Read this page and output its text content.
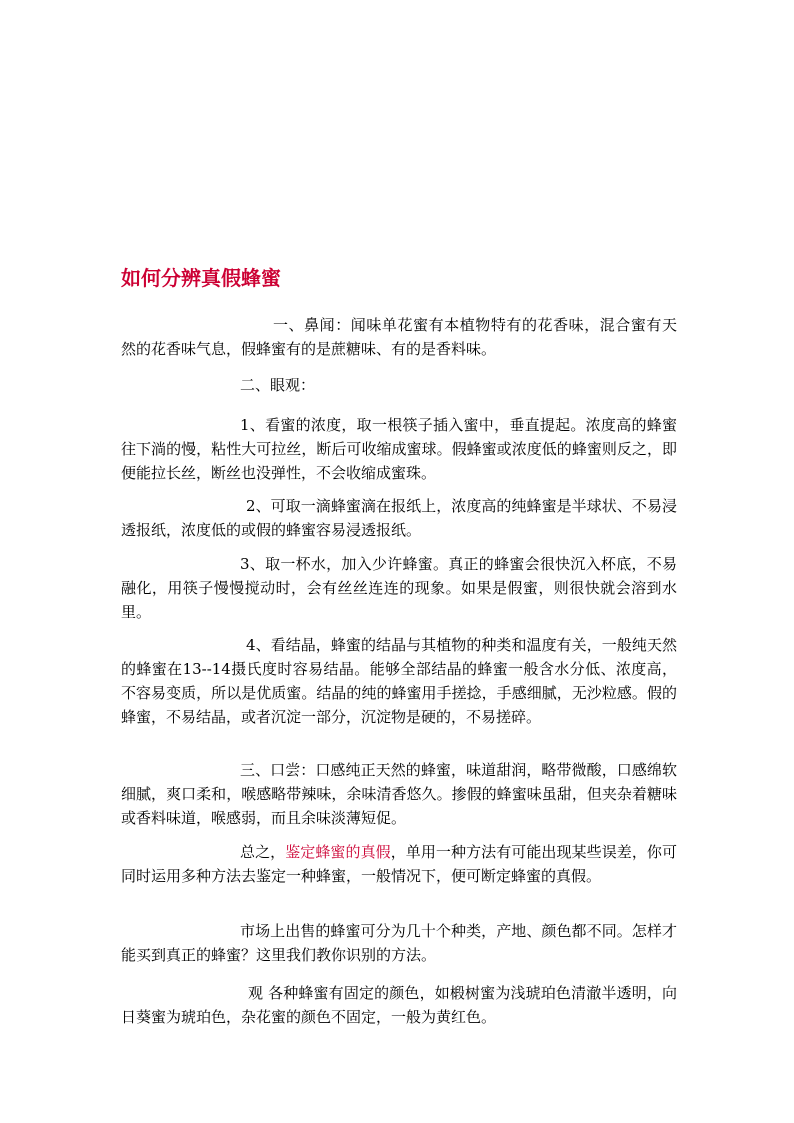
如何分辨真假蜂蜜

一、鼻闻：闻味单花蜜有本植物特有的花香味，混合蜜有天然的花香味气息，假蜂蜜有的是蔗糖味、有的是香料味。

二、眼观：

1、看蜜的浓度，取一根筷子插入蜜中，垂直提起。浓度高的蜂蜜往下淌的慢，粘性大可拉丝，断后可收缩成蜜球。假蜂蜜或浓度低的蜂蜜则反之，即便能拉长丝，断丝也没弹性，不会收缩成蜜珠。

2、可取一滴蜂蜜滴在报纸上，浓度高的纯蜂蜜是半球状、不易浸透报纸，浓度低的或假的蜂蜜容易浸透报纸。

3、取一杯水，加入少许蜂蜜。真正的蜂蜜会很快沉入杯底，不易融化，用筷子慢慢搅动时，会有丝丝连连的现象。如果是假蜜，则很快就会溶到水里。

4、看结晶，蜂蜜的结晶与其植物的种类和温度有关，一般纯天然的蜂蜜在13--14摄氏度时容易结晶。能够全部结晶的蜂蜜一般含水分低、浓度高，不容易变质，所以是优质蜜。结晶的纯的蜂蜜用手搓捻，手感细腻，无沙粒感。假的蜂蜜，不易结晶，或者沉淀一部分，沉淀物是硬的，不易搓碎。

三、口尝：口感纯正天然的蜂蜜，味道甜润，略带微酸，口感绵软细腻，爽口柔和，喉感略带辣味，余味清香悠久。掺假的蜂蜜味虽甜，但夹杂着糖味或香料味道，喉感弱，而且余味淡薄短促。

总之，鉴定蜂蜜的真假，单用一种方法有可能出现某些误差，你可同时运用多种方法去鉴定一种蜂蜜，一般情况下，便可断定蜂蜜的真假。

市场上出售的蜂蜜可分为几十个种类，产地、颜色都不同。怎样才能买到真正的蜂蜜？这里我们教你识别的方法。

观 各种蜂蜜有固定的颜色，如椴树蜜为浅琥珀色清澈半透明，向日葵蜜为琥珀色，杂花蜜的颜色不固定，一般为黄红色。
